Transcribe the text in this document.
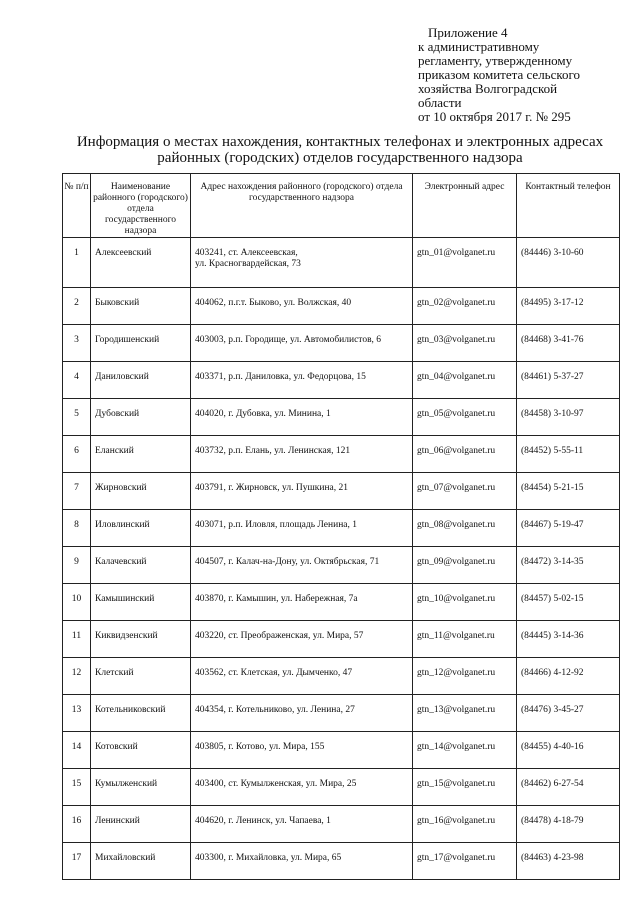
Приложение 4
к административному
регламенту, утвержденному
приказом комитета сельского
хозяйства Волгоградской
области
от 10 октября 2017 г. № 295
Информация о местах нахождения, контактных телефонах и электронных адресах
районных (городских) отделов государственного надзора
№ п/п	Наименование районного (городского) отдела государственного надзора	Адрес нахождения районного (городского) отдела государственного надзора	Электронный адрес	Контактный телефон
1	Алексеевский	403241, ст. Алексеевская,
ул. Красногвардейская, 73	gtn_01@volganet.ru	(84446) 3-10-60
2	Быковский	404062, п.г.т. Быково, ул. Волжская, 40	gtn_02@volganet.ru	(84495) 3-17-12
3	Городишенский	403003, р.п. Городище, ул. Автомобилистов, 6	gtn_03@volganet.ru	(84468) 3-41-76
4	Даниловский	403371, р.п. Даниловка, ул. Федорцова, 15	gtn_04@volganet.ru	(84461) 5-37-27
5	Дубовский	404020, г. Дубовка, ул. Минина, 1	gtn_05@volganet.ru	(84458) 3-10-97
6	Еланский	403732, р.п. Елань, ул. Ленинская, 121	gtn_06@volganet.ru	(84452) 5-55-11
7	Жирновский	403791, г. Жирновск, ул. Пушкина, 21	gtn_07@volganet.ru	(84454) 5-21-15
8	Иловлинский	403071, р.п. Иловля, площадь Ленина, 1	gtn_08@volganet.ru	(84467) 5-19-47
9	Калачевский	404507, г. Калач-на-Дону, ул. Октябрьская, 71	gtn_09@volganet.ru	(84472) 3-14-35
10	Камышинский	403870, г. Камышин, ул. Набережная, 7а	gtn_10@volganet.ru	(84457) 5-02-15
11	Киквидзенский	403220, ст. Преображенская, ул. Мира, 57	gtn_11@volganet.ru	(84445) 3-14-36
12	Клетский	403562, ст. Клетская, ул. Дымченко, 47	gtn_12@volganet.ru	(84466) 4-12-92
13	Котельниковский	404354, г. Котельниково, ул. Ленина, 27	gtn_13@volganet.ru	(84476) 3-45-27
14	Котовский	403805, г. Котово, ул. Мира, 155	gtn_14@volganet.ru	(84455) 4-40-16
15	Кумылженский	403400, ст. Кумылженская, ул. Мира, 25	gtn_15@volganet.ru	(84462) 6-27-54
16	Ленинский	404620, г. Ленинск, ул. Чапаева, 1	gtn_16@volganet.ru	(84478) 4-18-79
17	Михайловский	403300, г. Михайловка, ул. Мира, 65	gtn_17@volganet.ru	(84463) 4-23-98
